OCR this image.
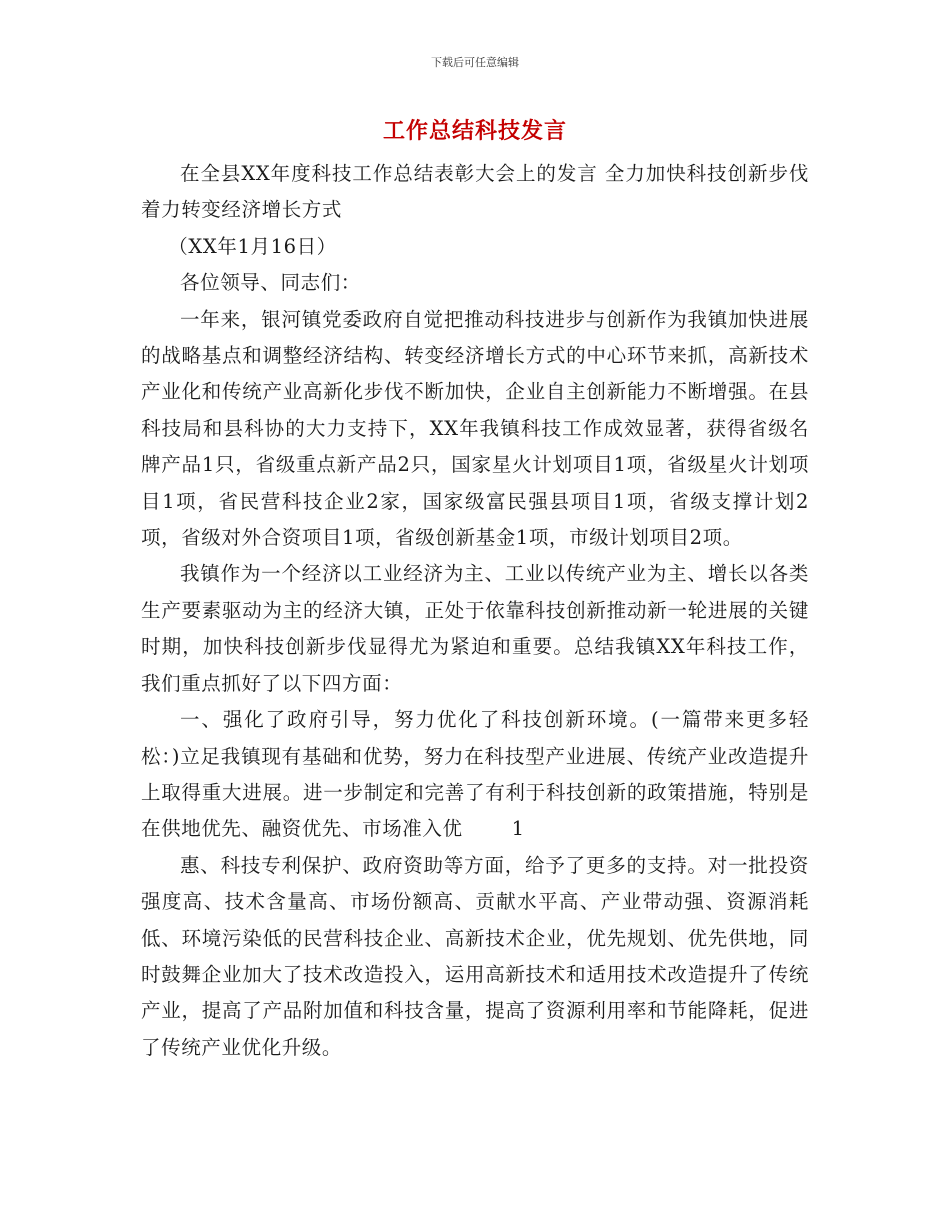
下载后可任意编辑
工作总结科技发言

在全县XX年度科技工作总结表彰大会上的发言 全力加快科技创新步伐着力转变经济增长方式

（XX年1月16日）

各位领导、同志们：

一年来，银河镇党委政府自觉把推动科技进步与创新作为我镇加快进展的战略基点和调整经济结构、转变经济增长方式的中心环节来抓，高新技术产业化和传统产业高新化步伐不断加快，企业自主创新能力不断增强。在县科技局和县科协的大力支持下，XX年我镇科技工作成效显著，获得省级名牌产品1只，省级重点新产品2只，国家星火计划项目1项，省级星火计划项目1项，省民营科技企业2家，国家级富民强县项目1项，省级支撑计划2项，省级对外合资项目1项，省级创新基金1项，市级计划项目2项。

我镇作为一个经济以工业经济为主、工业以传统产业为主、增长以各类生产要素驱动为主的经济大镇，正处于依靠科技创新推动新一轮进展的关键时期，加快科技创新步伐显得尤为紧迫和重要。总结我镇XX年科技工作，我们重点抓好了以下四方面：

一、强化了政府引导，努力优化了科技创新环境。(一篇带来更多轻松：)立足我镇现有基础和优势，努力在科技型产业进展、传统产业改造提升上取得重大进展。进一步制定和完善了有利于科技创新的政策措施，特别是在供地优先、融资优先、市场准入优	1

惠、科技专利保护、政府资助等方面，给予了更多的支持。对一批投资强度高、技术含量高、市场份额高、贡献水平高、产业带动强、资源消耗低、环境污染低的民营科技企业、高新技术企业，优先规划、优先供地，同时鼓舞企业加大了技术改造投入，运用高新技术和适用技术改造提升了传统产业，提高了产品附加值和科技含量，提高了资源利用率和节能降耗，促进了传统产业优化升级。
